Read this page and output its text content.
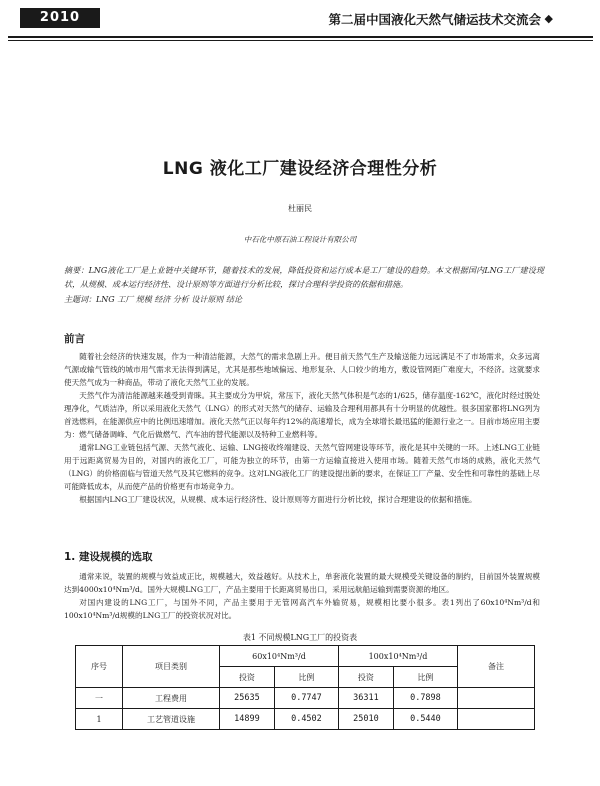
2010	第二届中国液化天然气储运技术交流会 ◆
LNG 液化工厂建设经济合理性分析
杜丽民
中石化中原石油工程设计有限公司
摘要：LNG液化工厂是上业链中关键环节，随着技术的发展，降低投资和运行成本是工厂建设的趋势。本文根据国内LNG工厂建设现状，从规模、成本运行经济性、设计原则等方面进行分析比较，探讨合理科学投资的依据和措施。
主题词：LNG 工厂 规模 经济 分析 设计原则 结论
前言

随着社会经济的快速发展，作为一种清洁能源，大然气的需求急剧上升。便目前天然气生产及输送能力远远满足不了市场需求，众多远离气源或输气管线的城市用气需求无法得到满足，尤其是那些地域偏远、地形复杂、人口较少的地方，敷设管网距广难度大，不经济。这就要求使天然气成为一种商品，带动了液化天然气工业的发展。

天然气作为清洁能源越来越受到青睐。其主要成分为甲烷，常压下，液化天然气体积是气态的1/625，储存温度-162℃，液化时经过脱处理净化，气质洁净，所以采用液化天然气（LNG）的形式对天然气的储存、运输及合理利用都具有十分明显的优越性。很多国家都将LNG列为首选燃料，在能源供应中的比例迅速增加。液化天然气正以每年约12%的高速增长，成为全球增长最迅猛的能源行业之一。目前市场应用主要为：燃气储备调峰、气化后做燃气、汽车油的替代能源以及特种工业燃料等。

通常LNG工业链包括气源、天然气液化、运输、LNG接收终端建设、天然气管网建设等环节，液化是其中关键的一环。上述LNG工业链用于远距离贸易为目的，对国内的液化工厂，可能为独立的环节，由第一方运输直接进入使用市场。随着天然气市场的成熟，液化天然气（LNG）的价格面临与管道天然气及其它燃料的竞争。这对LNG液化工厂的建设提出新的要求，在保证工厂产量、安全性和可靠性的基础上尽可能降低成本，从而使产品的价格更有市场竞争力。

根据国内LNG工厂建设状况，从规模、成本运行经济性、设计原则等方面进行分析比较，探讨合理建设的依据和措施。

1. 建设规模的选取

通常来说，装置的规模与效益成正比，规模越大，效益越好。从技术上，单套液化装置的最大规模受关键设备的制约，目前国外装置规模达到4000x10⁴Nm³/d。国外大规模LNG工厂，产品主要用于长距离贸易出口，采用远航船运输到需要资源的地区。

对国内建设的LNG工厂，与国外不同，产品主要用于无管网高汽车外输贸易，规模相比要小很多。表1列出了60x10⁴Nm³/d和100x10⁴Nm³/d规模的LNG工厂的投资状况对比。

表1 不同规模LNG工厂的投资表
序号	项目类别	60x10⁴Nm³/d		100x10⁴Nm³/d		备注
		投资	比例	投资	比例	
一	工程费用	25635	0.7747	36311	0.7898	
1	工艺管道设施	14899	0.4502	25010	0.5440	
